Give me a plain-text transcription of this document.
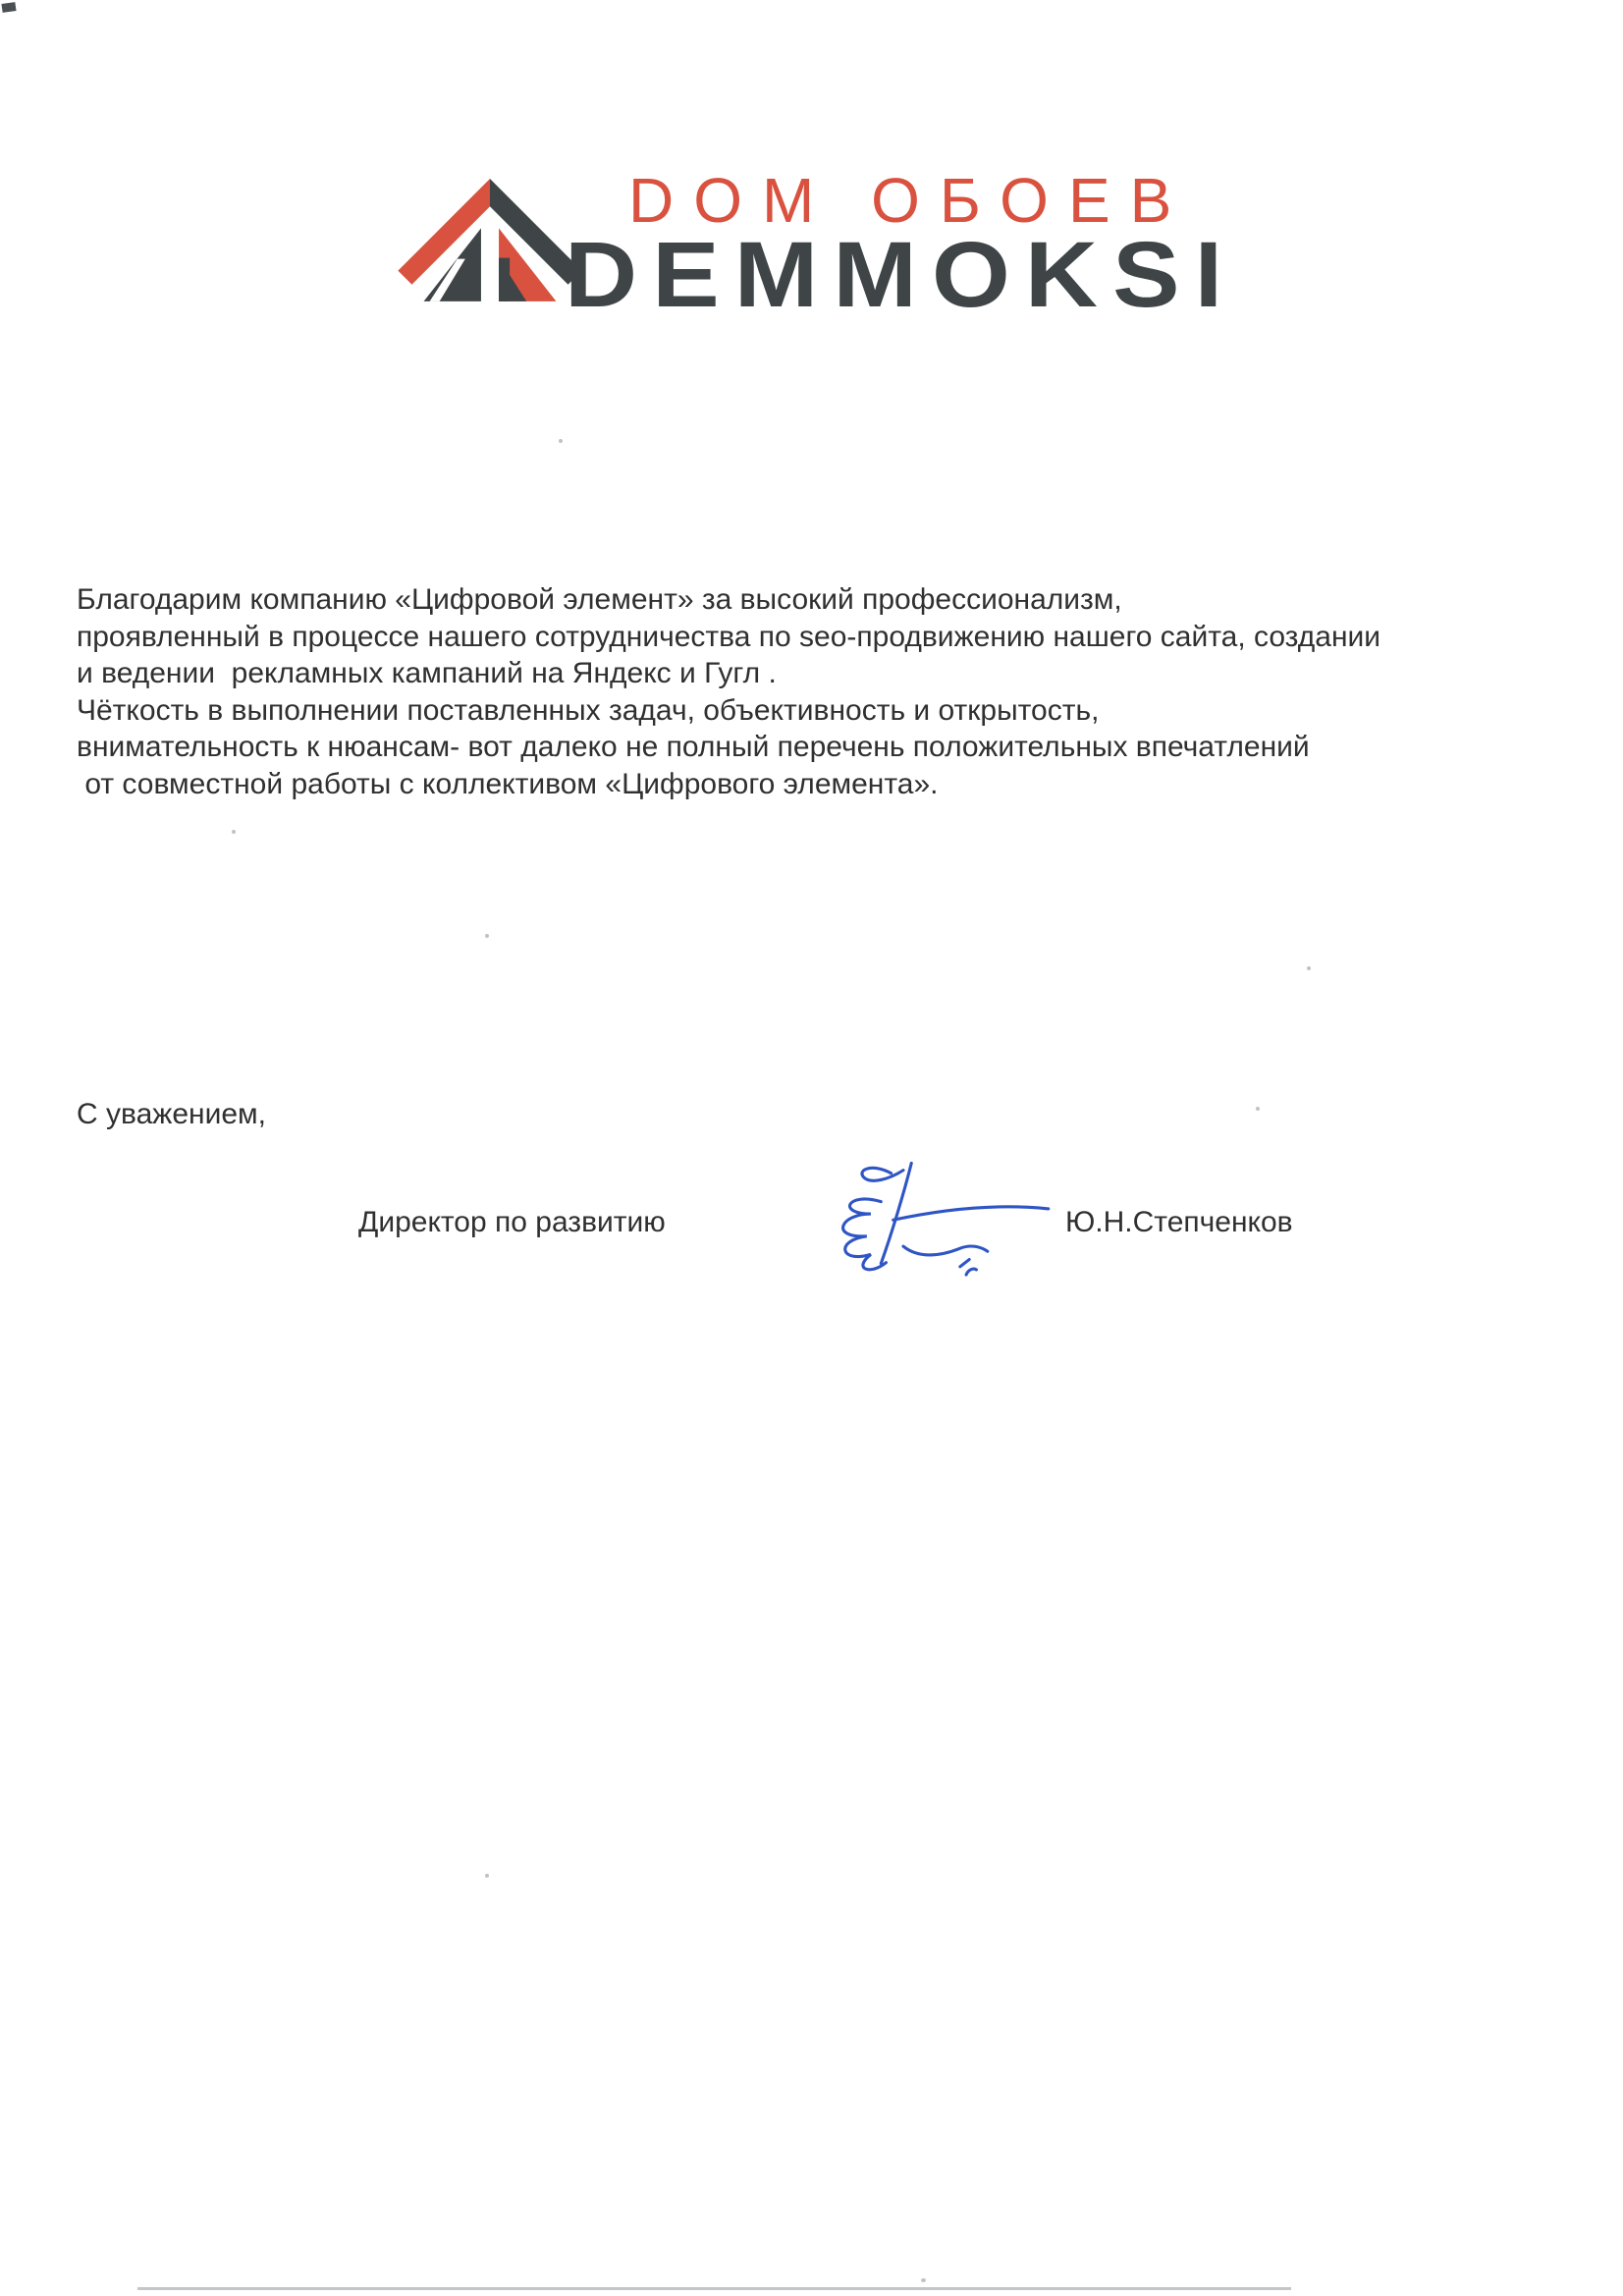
DOM ОБОЕВ
DEMMOKSI
Благодарим компанию «Цифровой элемент» за высокий профессионализм,
проявленный в процессе нашего сотрудничества по seo-продвижению нашего сайта, создании
и ведении  рекламных кампаний на Яндекс и Гугл .
Чёткость в выполнении поставленных задач, объективность и открытость,
внимательность к нюансам- вот далеко не полный перечень положительных впечатлений
от совместной работы с коллективом «Цифрового элемента».
С уважением,
Директор по развитию	Ю.Н.Степченков
